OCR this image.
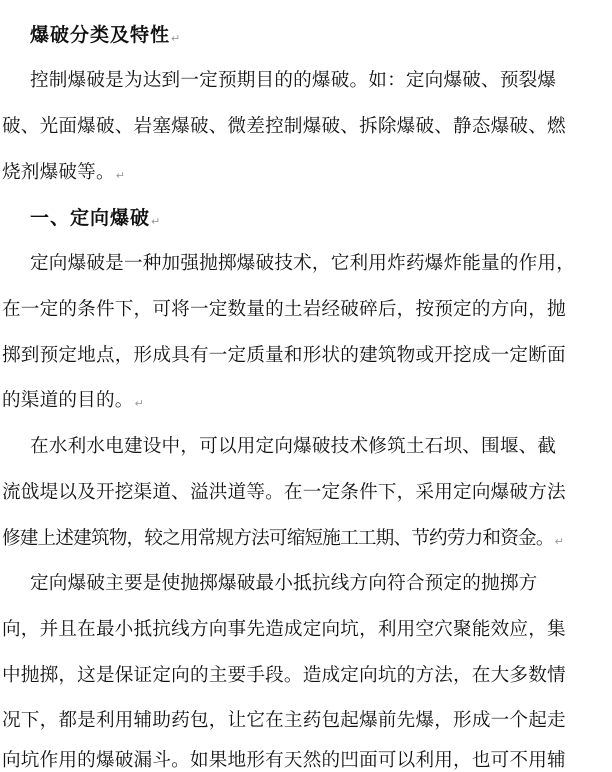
爆破分类及特性↵
控制爆破是为达到一定预期目的的爆破。如：定向爆破、预裂爆
破、光面爆破、岩塞爆破、微差控制爆破、拆除爆破、静态爆破、燃
烧剂爆破等。↵
一、定向爆破↵
定向爆破是一种加强抛掷爆破技术，它利用炸药爆炸能量的作用，
在一定的条件下，可将一定数量的土岩经破碎后，按预定的方向，抛
掷到预定地点，形成具有一定质量和形状的建筑物或开挖成一定断面
的渠道的目的。↵
在水利水电建设中，可以用定向爆破技术修筑土石坝、围堰、截
流戗堤以及开挖渠道、溢洪道等。在一定条件下，采用定向爆破方法
修建上述建筑物，较之用常规方法可缩短施工工期、节约劳力和资金。↵
定向爆破主要是使抛掷爆破最小抵抗线方向符合预定的抛掷方
向，并且在最小抵抗线方向事先造成定向坑，利用空穴聚能效应，集
中抛掷，这是保证定向的主要手段。造成定向坑的方法，在大多数情
况下，都是利用辅助药包，让它在主药包起爆前先爆，形成一个起走
向坑作用的爆破漏斗。如果地形有天然的凹面可以利用，也可不用辅
